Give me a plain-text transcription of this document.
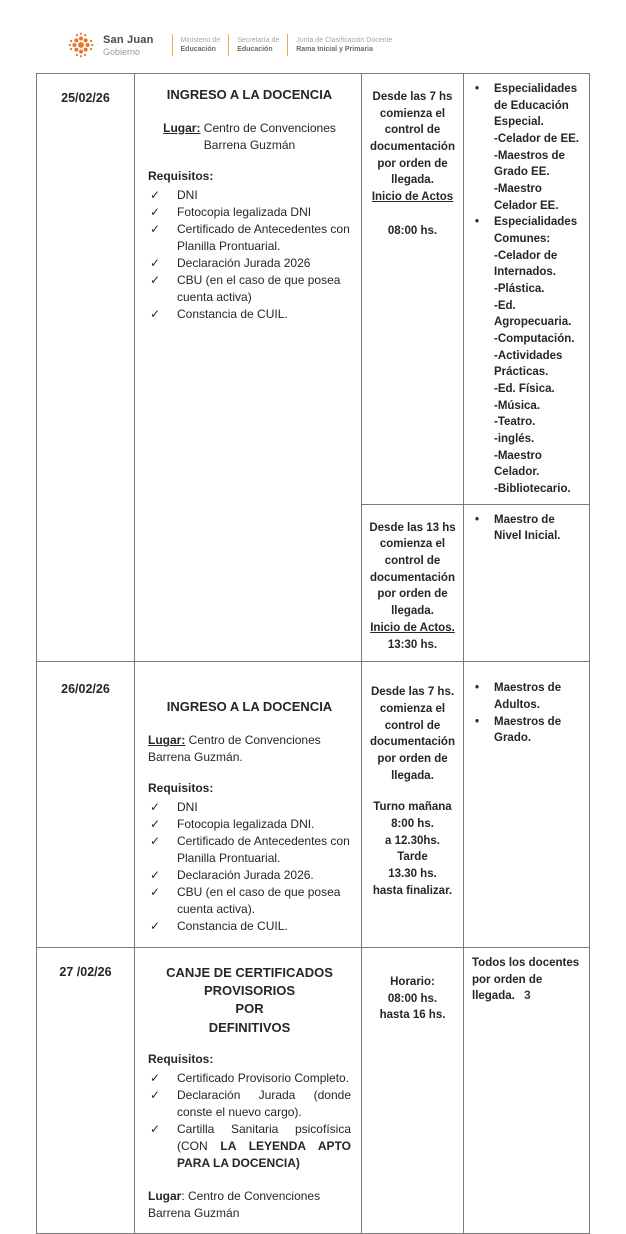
San Juan
Gobierno
Ministerio de
Educación
Secretaría de
Educación
Junta de Clasificación Docente
Rama Inicial y Primaria
25/02/26	INGRESO A LA DOCENCIA
Lugar: Centro de Convenciones Barrena Guzmán
Requisitos:
✓	DNI
✓	Fotocopia legalizada DNI
✓	Certificado de Antecedentes con Planilla Prontuarial.
✓	Declaración Jurada 2026
✓	CBU (en el caso de que posea cuenta activa)
✓	Constancia de CUIL.
Desde las 7 hs comienza el control de documentación por orden de llegada.
Inicio de Actos
08:00 hs.
•	Especialidades de Educación Especial.
-Celador de EE.
-Maestros de Grado EE.
-Maestro Celador EE.
•	Especialidades Comunes:
-Celador de Internados.
-Plástica.
-Ed. Agropecuaria.
-Computación.
-Actividades Prácticas.
-Ed. Física.
-Música.
-Teatro.
-inglés.
-Maestro Celador.
-Bibliotecario.
Desde las 13 hs comienza el control de documentación por orden de llegada.
Inicio de Actos.
13:30 hs.
•	Maestro de Nivel Inicial.
26/02/26
INGRESO A LA DOCENCIA
Lugar: Centro de Convenciones Barrena Guzmán.
Requisitos:
✓	DNI
✓	Fotocopia legalizada DNI.
✓	Certificado de Antecedentes con Planilla Prontuarial.
✓	Declaración Jurada 2026.
✓	CBU (en el caso de que posea cuenta activa).
✓	Constancia de CUIL.
Desde las 7 hs. comienza el control de documentación por orden de llegada.
Turno mañana
8:00 hs.
a 12.30hs.
Tarde
13.30 hs.
hasta finalizar.
•	Maestros de Adultos.
•	Maestros de Grado.
27 /02/26	CANJE DE CERTIFICADOS PROVISORIOS
POR
DEFINITIVOS
Requisitos:
✓	Certificado Provisorio Completo.
✓	Declaración Jurada (donde conste el nuevo cargo).
✓	Cartilla Sanitaria psicofísica (CON LA LEYENDA APTO PARA LA DOCENCIA)
Lugar: Centro de Convenciones Barrena Guzmán
Horario:
08:00 hs.
hasta 16 hs.
Todos los docentes por orden de llegada. 3
